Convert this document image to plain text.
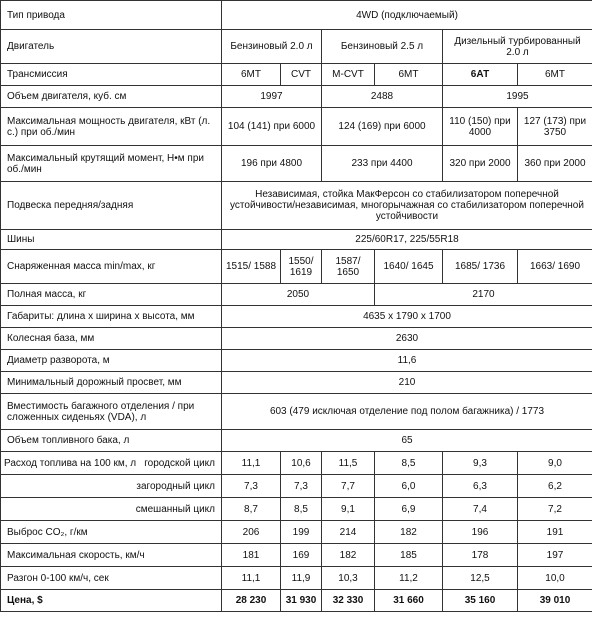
Тип привода	4WD (подключаемый)					
Двигатель	Бензиновый 2.0 л		Бензиновый 2.5 л		Дизельный турбированный 2.0 л	
Трансмиссия	6МТ	CVT	M-CVT	6МТ	6АТ	6МТ
Объем двигателя, куб. см	1997		2488		1995	
Максимальная мощность двигателя, кВт (л. с.) при об./мин	104 (141) при 6000		124 (169) при 6000		110 (150) при 4000	127 (173) при 3750
Максимальный крутящий момент, Н•м при об./мин	196 при 4800		233 при 4400		320 при 2000	360 при 2000
Подвеска передняя/задняя	Независимая, стойка МакФерсон со стабилизатором поперечной устойчивости/независимая, многорычажная со стабилизатором поперечной устойчивости					
Шины	225/60R17, 225/55R18					
Снаряженная масса min/max, кг	1515/ 1588	1550/ 1619	1587/ 1650	1640/ 1645	1685/ 1736	1663/ 1690
Полная масса, кг	2050			2170		
Габариты: длина x ширина x высота, мм	4635 x 1790 x 1700					
Колесная база, мм	2630					
Диаметр разворота, м	11,6					
Минимальный дорожный просвет, мм	210					
Вместимость багажного отделения / при сложенных сиденьях (VDA), л	603 (479 исключая отделение под полом багажника) / 1773					
Объем топливного бака, л	65					

Расход топлива на 100 км, л городской цикл	11,1	10,6	11,5	8,5	9,3	9,0
загородный цикл	7,3	7,3	7,7	6,0	6,3	6,2
смешанный цикл	8,7	8,5	9,1	6,9	7,4	7,2
Выброс CO₂, г/км	206	199	214	182	196	191
Максимальная скорость, км/ч	181	169	182	185	178	197
Разгон 0-100 км/ч, сек	11,1	11,9	10,3	11,2	12,5	10,0
Цена, $	28 230	31 930	32 330	31 660	35 160	39 010
